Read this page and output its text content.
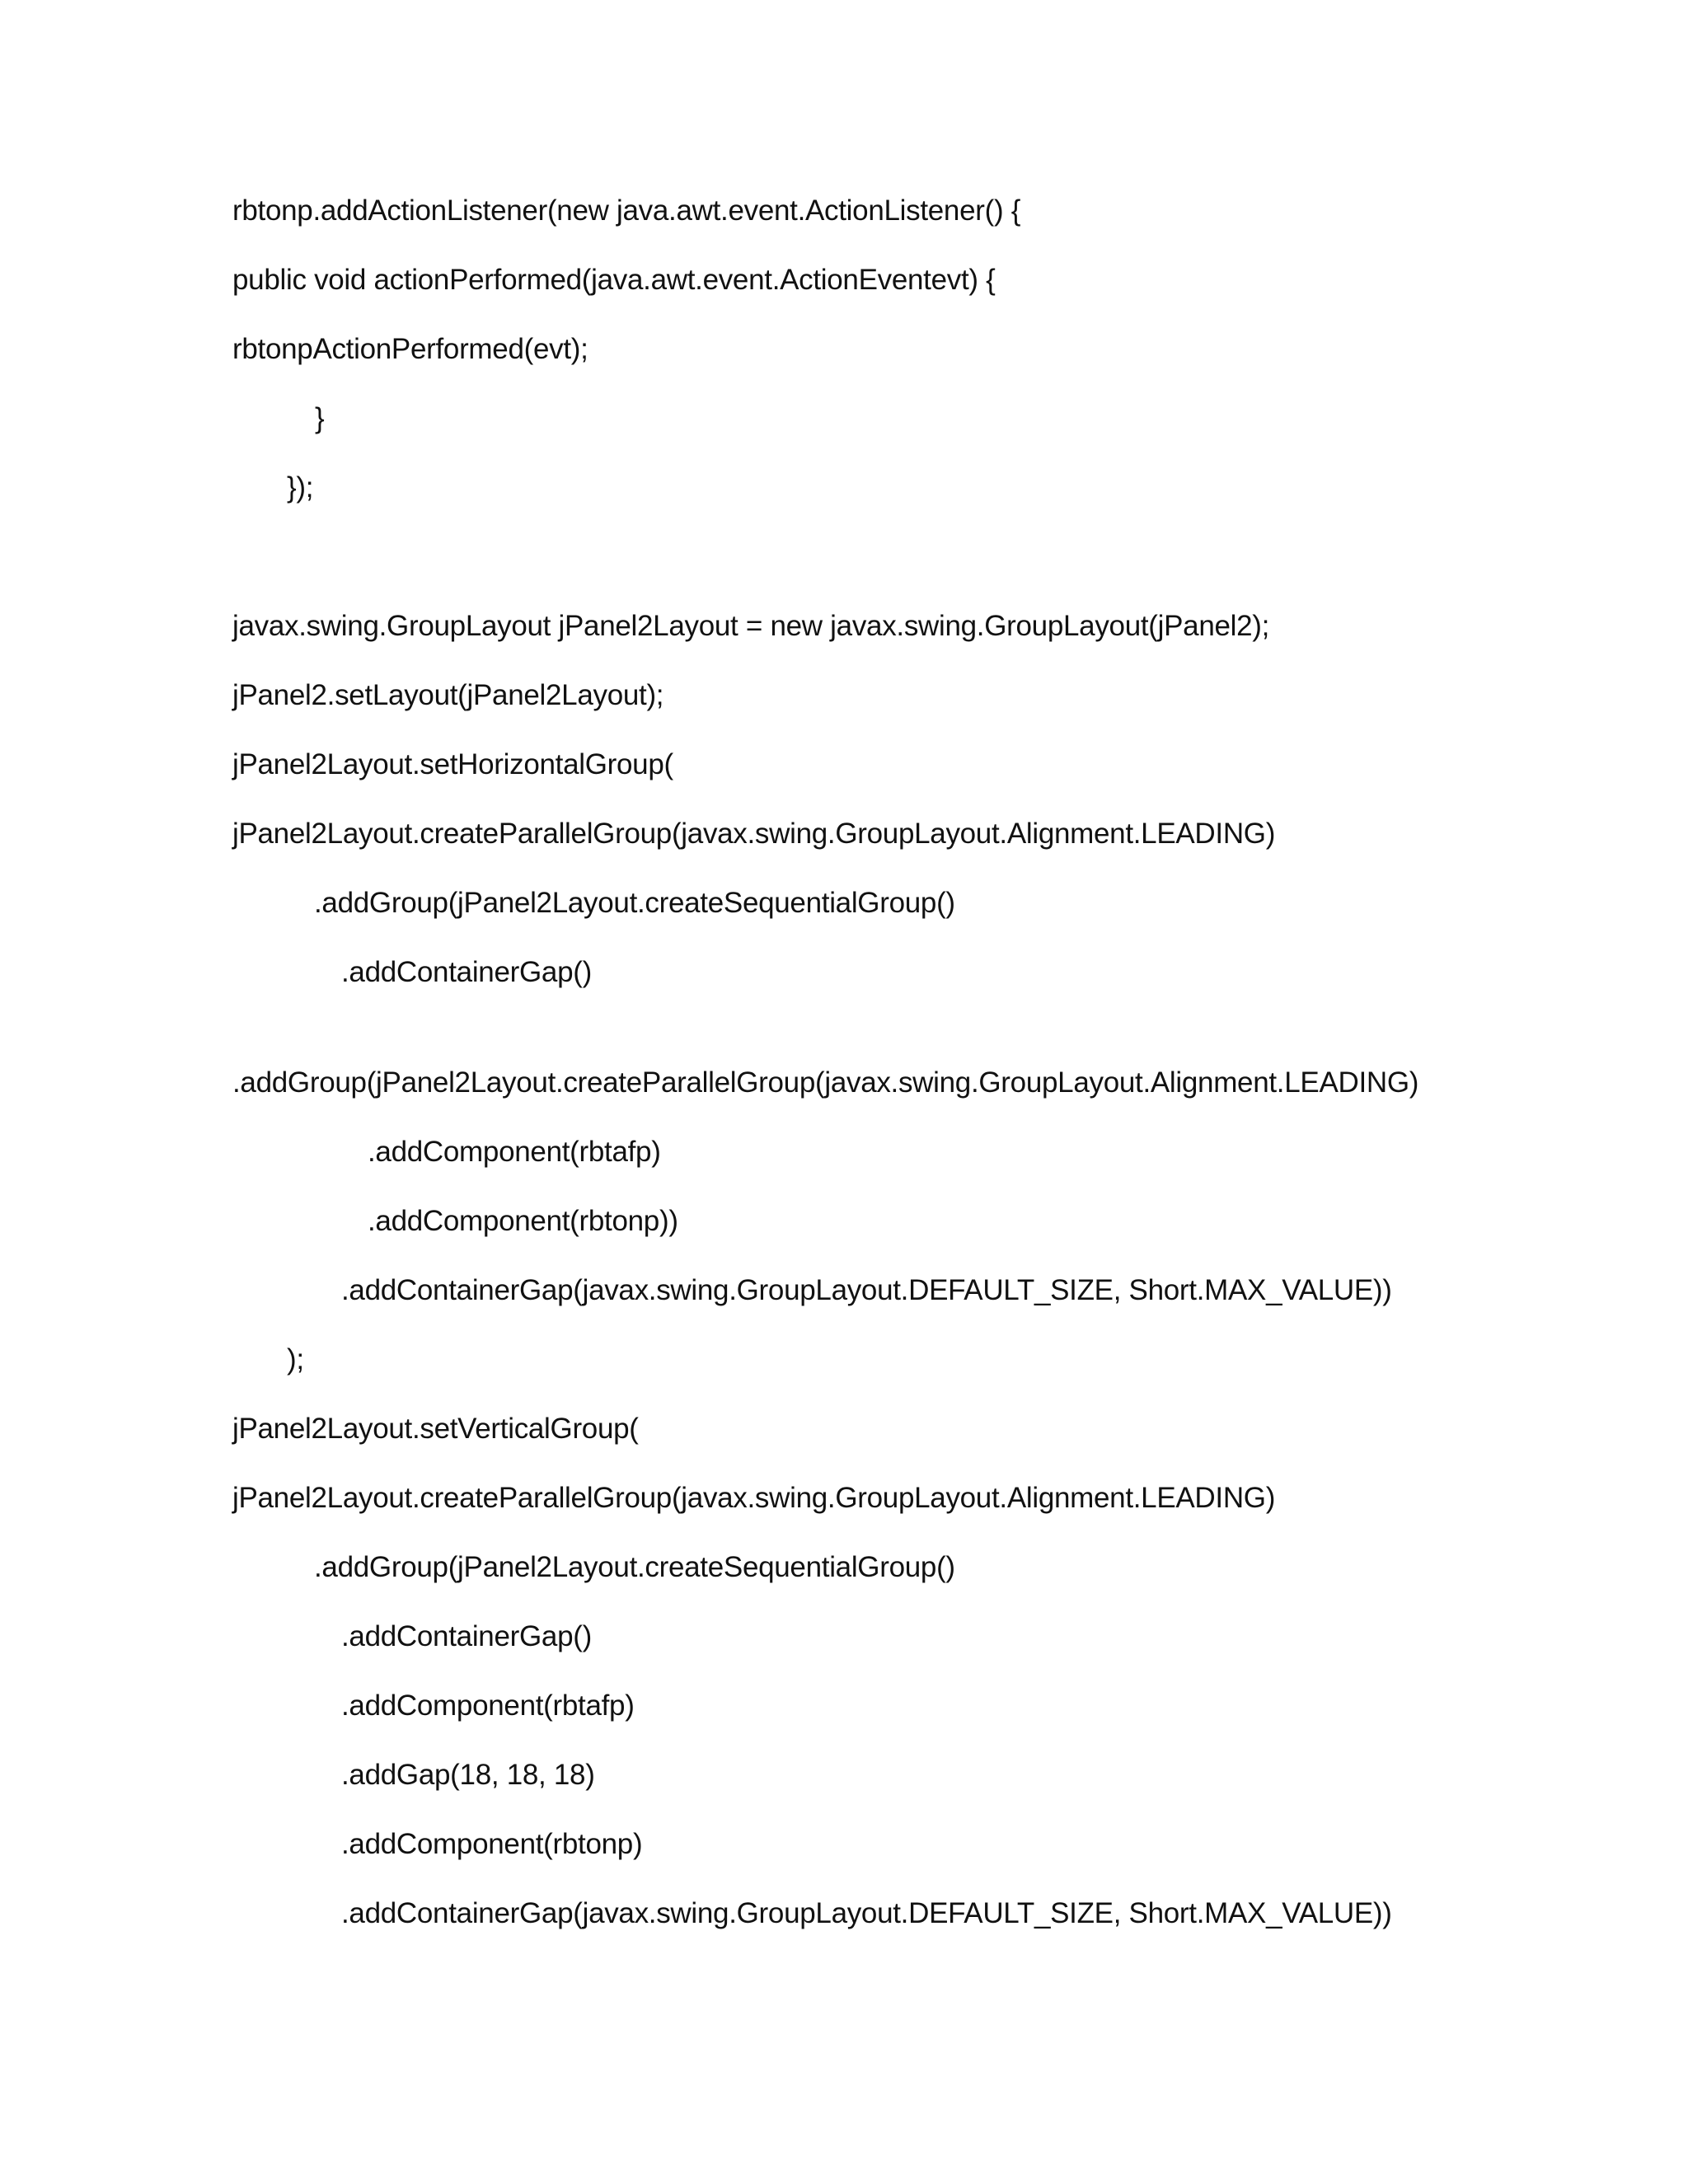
rbtonp.addActionListener(new java.awt.event.ActionListener() {
public void actionPerformed(java.awt.event.ActionEventevt) {
rbtonpActionPerformed(evt);
}
});
javax.swing.GroupLayout jPanel2Layout = new javax.swing.GroupLayout(jPanel2);
jPanel2.setLayout(jPanel2Layout);
jPanel2Layout.setHorizontalGroup(
jPanel2Layout.createParallelGroup(javax.swing.GroupLayout.Alignment.LEADING)
.addGroup(jPanel2Layout.createSequentialGroup()
.addContainerGap()
.addGroup(jPanel2Layout.createParallelGroup(javax.swing.GroupLayout.Alignment.LEADING)
.addComponent(rbtafp)
.addComponent(rbtonp))
.addContainerGap(javax.swing.GroupLayout.DEFAULT_SIZE, Short.MAX_VALUE))
);
jPanel2Layout.setVerticalGroup(
jPanel2Layout.createParallelGroup(javax.swing.GroupLayout.Alignment.LEADING)
.addGroup(jPanel2Layout.createSequentialGroup()
.addContainerGap()
.addComponent(rbtafp)
.addGap(18, 18, 18)
.addComponent(rbtonp)
.addContainerGap(javax.swing.GroupLayout.DEFAULT_SIZE, Short.MAX_VALUE))
